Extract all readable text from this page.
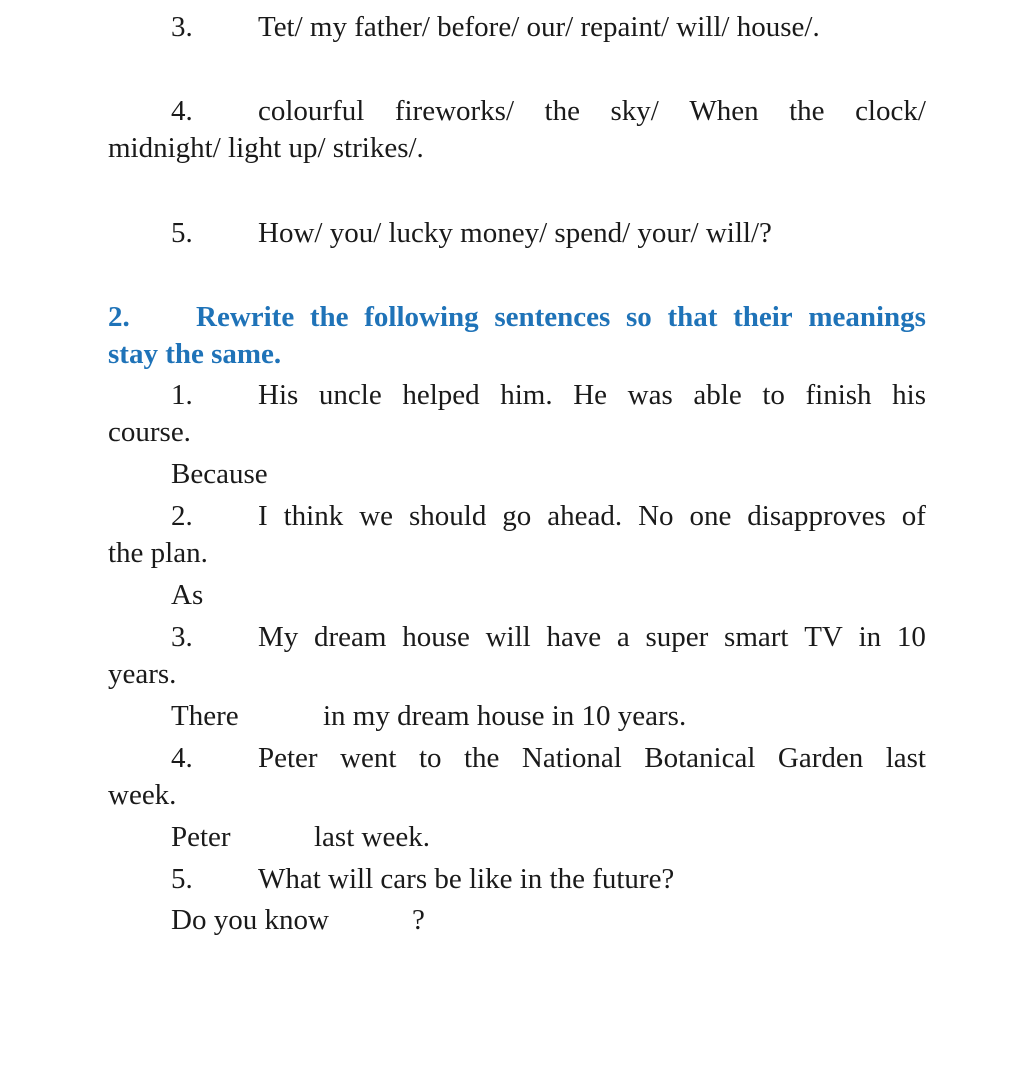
3. Tet/ my father/ before/ our/ repaint/ will/ house/.
4. colourful fireworks/ the sky/ When the clock/
midnight/ light up/ strikes/.
5. How/ you/ lucky money/ spend/ your/ will/?
2. Rewrite the following sentences so that their meanings
stay the same.
1. His uncle helped him. He was able to finish his
course.
Because
2. I think we should go ahead. No one disapproves of
the plan.
As
3. My dream house will have a super smart TV in 10
years.
There	in my dream house in 10 years.
4. Peter went to the National Botanical Garden last
week.
Peter	last week.
5. What will cars be like in the future?
Do you know	?
